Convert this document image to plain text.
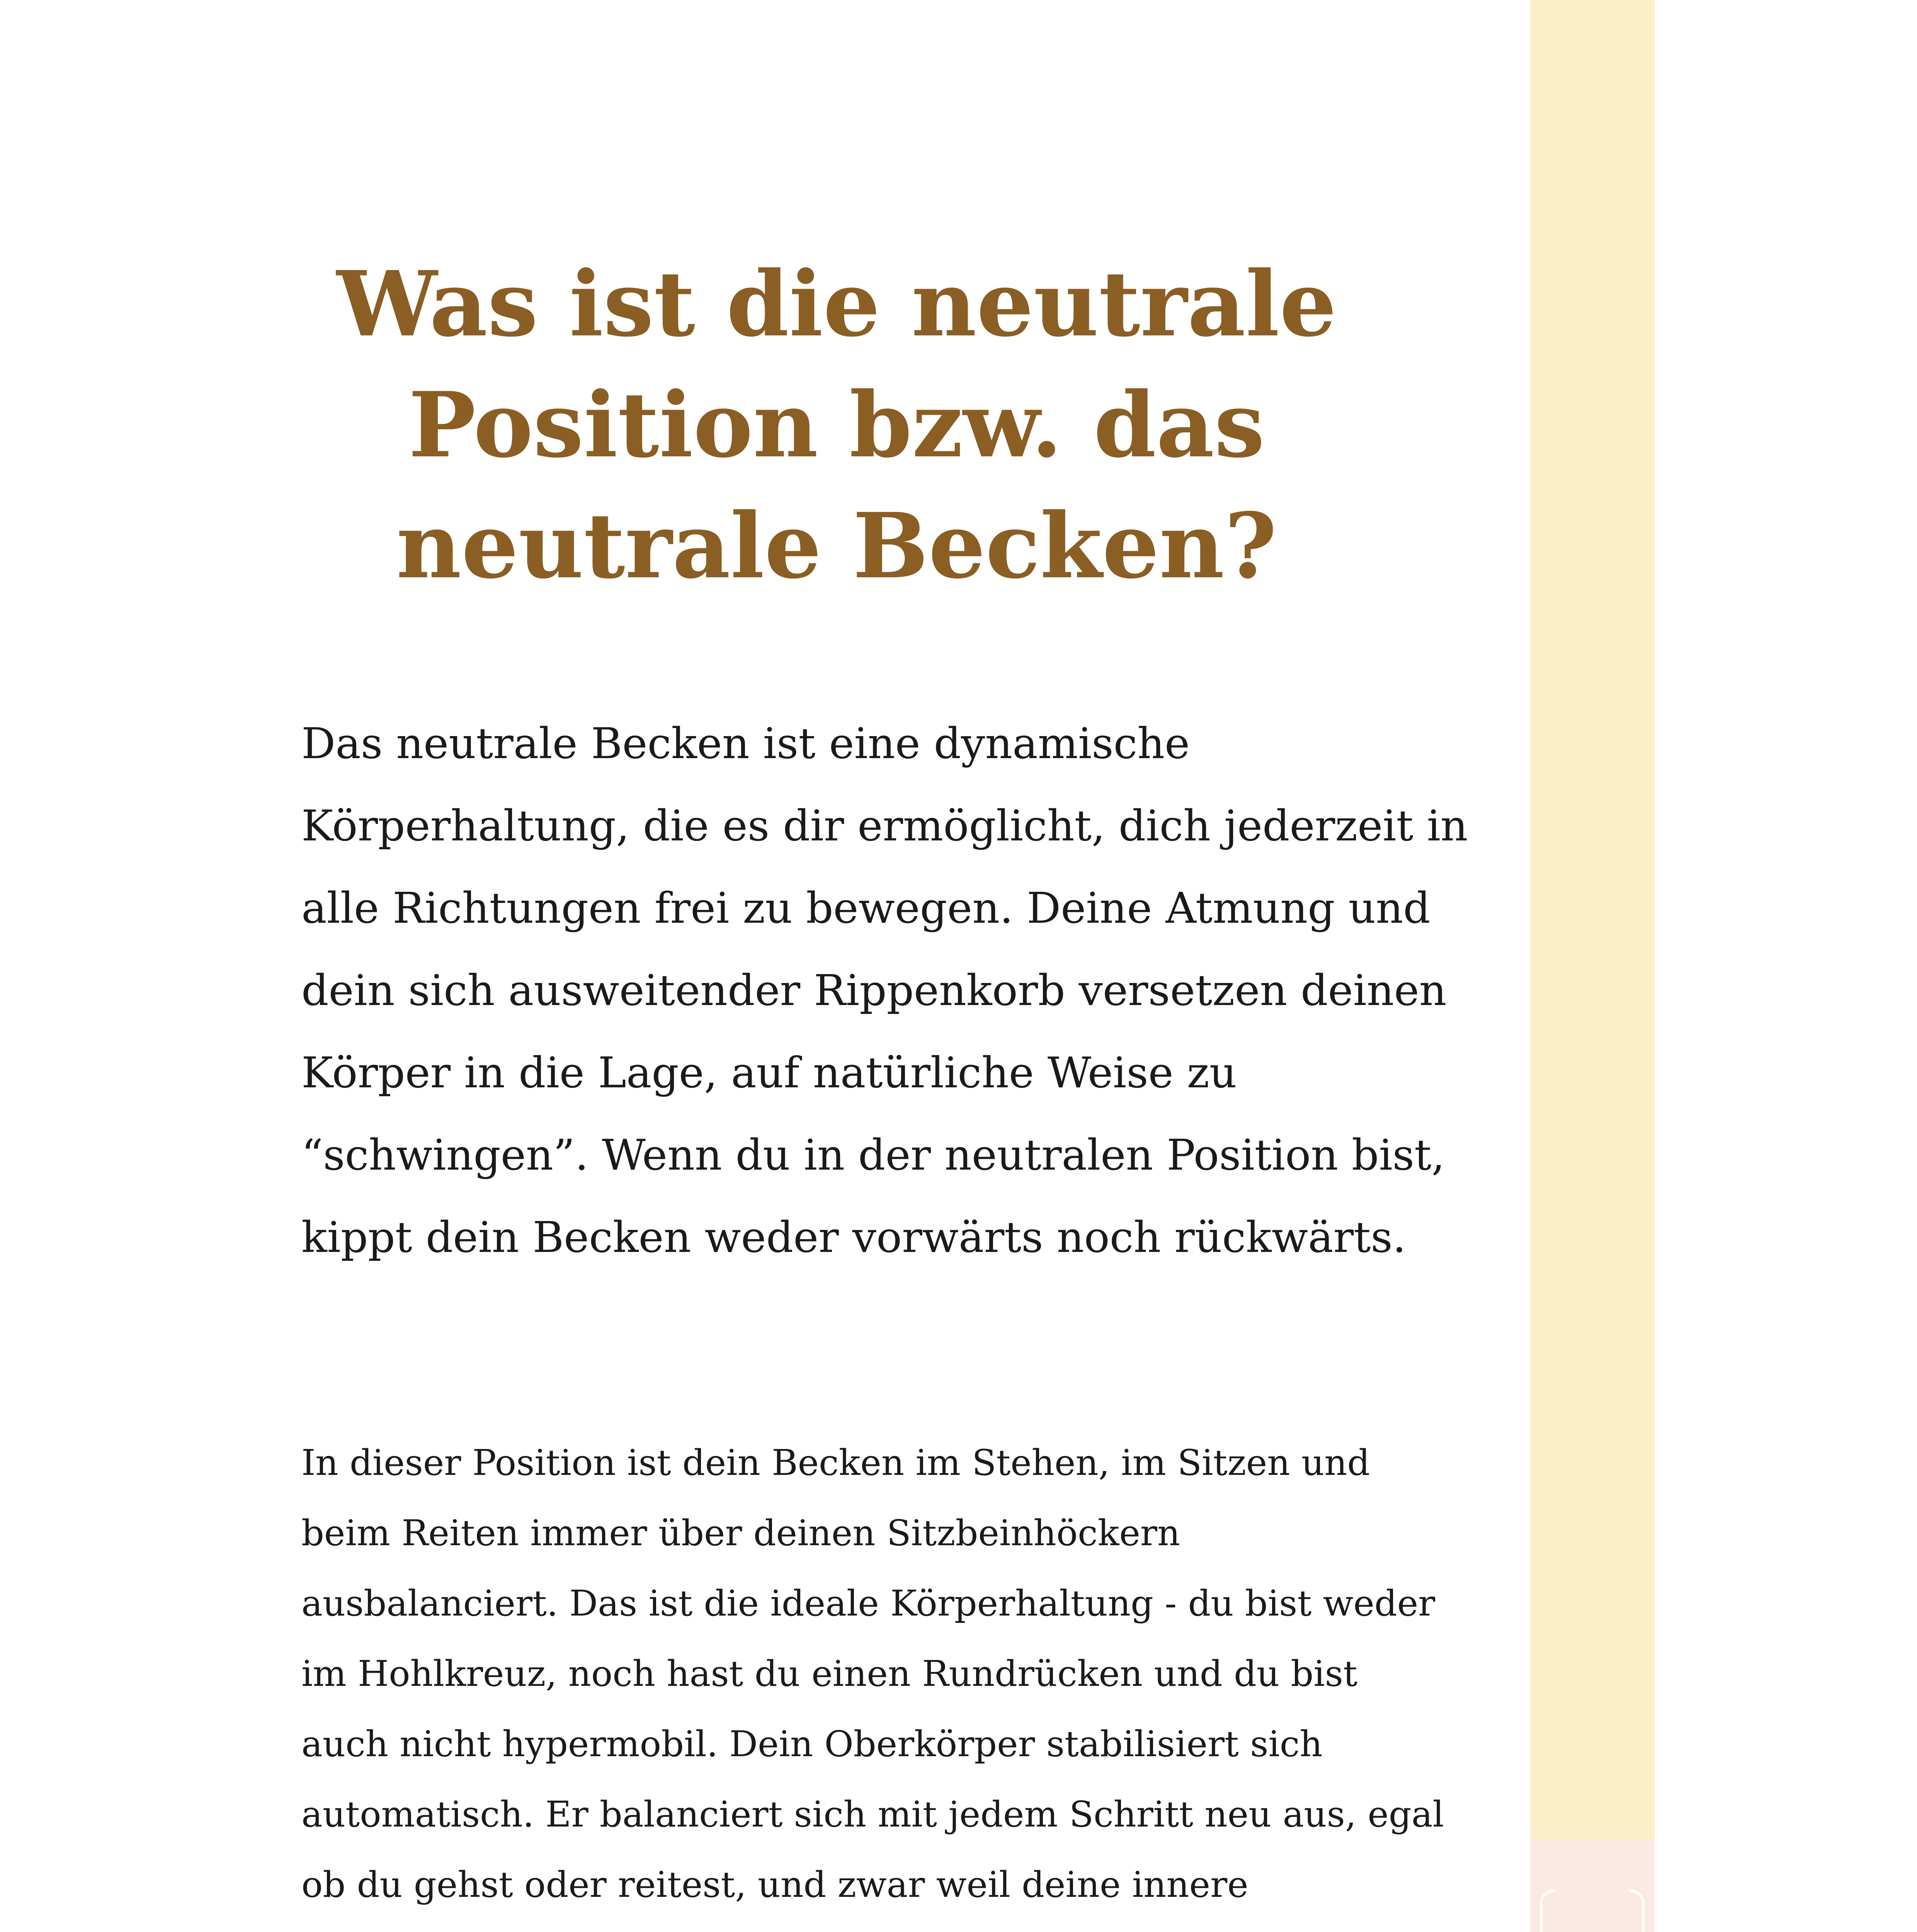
Was ist die neutrale
Position bzw. das
neutrale Becken?

Das neutrale Becken ist eine dynamische
Körperhaltung, die es dir ermöglicht, dich jederzeit in
alle Richtungen frei zu bewegen. Deine Atmung und
dein sich ausweitender Rippenkorb versetzen deinen
Körper in die Lage, auf natürliche Weise zu
“schwingen”. Wenn du in der neutralen Position bist,
kippt dein Becken weder vorwärts noch rückwärts.

In dieser Position ist dein Becken im Stehen, im Sitzen und
beim Reiten immer über deinen Sitzbeinhöckern
ausbalanciert. Das ist die ideale Körperhaltung - du bist weder
im Hohlkreuz, noch hast du einen Rundrücken und du bist
auch nicht hypermobil. Dein Oberkörper stabilisiert sich
automatisch. Er balanciert sich mit jedem Schritt neu aus, egal
ob du gehst oder reitest, und zwar weil deine innere
